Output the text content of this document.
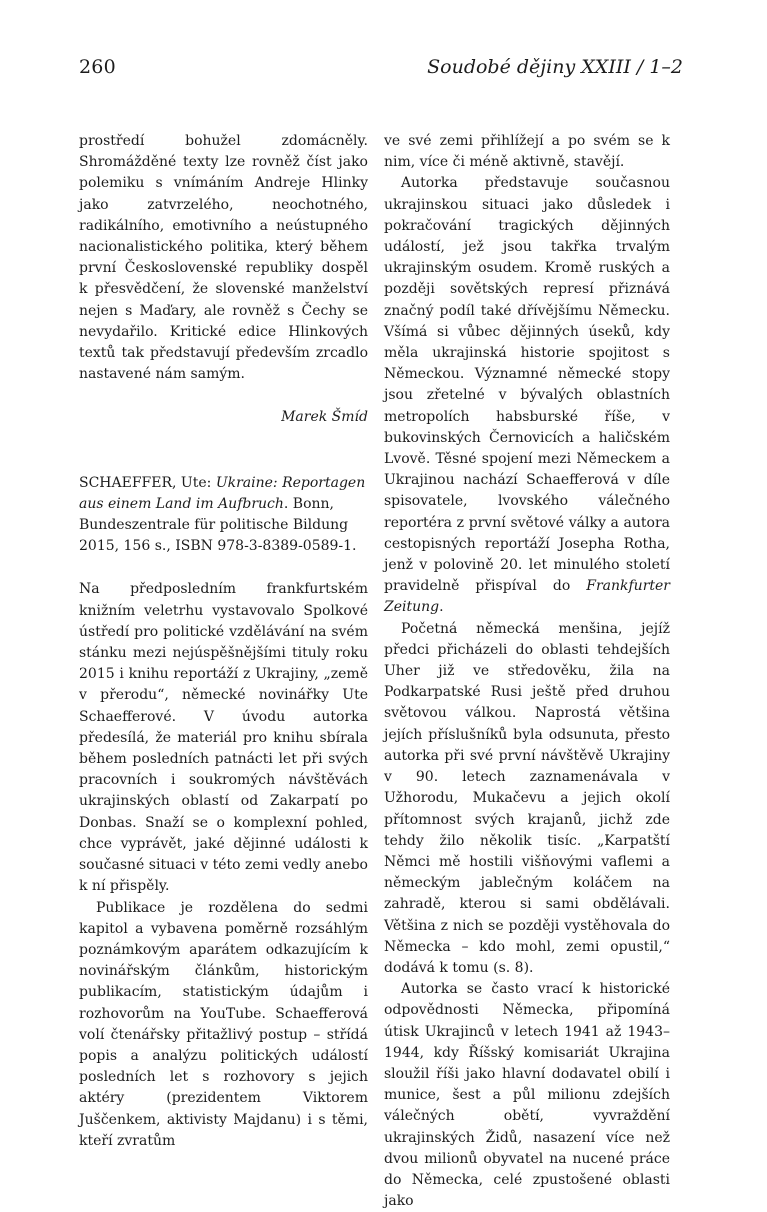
260	Soudobé dějiny XXIII / 1–2

prostředí bohužel zdomácněly. Shromážděné texty lze rovněž číst jako polemiku s vnímáním Andreje Hlinky jako zatvrzelého, neochotného, radikálního, emotivního a neústupného nacionalistického politika, který během první Československé republiky dospěl k přesvědčení, že slovenské manželství nejen s Maďary, ale rovněž s Čechy se nevydařilo. Kritické edice Hlinkových textů tak představují především zrcadlo nastavené nám samým.

Marek Šmíd

SCHAEFFER, Ute: Ukraine: Reportagen aus einem Land im Aufbruch. Bonn, Bundeszentrale für politische Bildung 2015, 156 s., ISBN 978-3-8389-0589-1.

Na předposledním frankfurtském knižním veletrhu vystavovalo Spolkové ústředí pro politické vzdělávání na svém stánku mezi nejúspěšnějšími tituly roku 2015 i knihu reportáží z Ukrajiny, „země v přerodu“, německé novinářky Ute Schaefferové. V úvodu autorka předesílá, že materiál pro knihu sbírala během posledních patnácti let při svých pracovních i soukromých návštěvách ukrajinských oblastí od Zakarpatí po Donbas. Snaží se o komplexní pohled, chce vyprávět, jaké dějinné události k současné situaci v této zemi vedly anebo k ní přispěly.

Publikace je rozdělena do sedmi kapitol a vybavena poměrně rozsáhlým poznámkovým aparátem odkazujícím k novinářským článkům, historickým publikacím, statistickým údajům i rozhovorům na YouTube. Schaefferová volí čtenářsky přitažlivý postup – střídá popis a analýzu politických událostí posledních let s rozhovory s jejich aktéry (prezidentem Viktorem Juščenkem, aktivisty Majdanu) i s těmi, kteří zvratům

ve své zemi přihlížejí a po svém se k nim, více či méně aktivně, stavějí.

Autorka představuje současnou ukrajinskou situaci jako důsledek i pokračování tragických dějinných událostí, jež jsou takřka trvalým ukrajinským osudem. Kromě ruských a později sovětských represí přiznává značný podíl také dřívějšímu Německu. Všímá si vůbec dějinných úseků, kdy měla ukrajinská historie spojitost s Německou. Významné německé stopy jsou zřetelné v bývalých oblastních metropolích habsburské říše, v bukovinských Černovicích a haličském Lvově. Těsné spojení mezi Německem a Ukrajinou nachází Schaefferová v díle spisovatele, lvovského válečného reportéra z první světové války a autora cestopisných reportáží Josepha Rotha, jenž v polovině 20. let minulého století pravidelně přispíval do Frankfurter Zeitung.

Početná německá menšina, jejíž předci přicházeli do oblasti tehdejších Uher již ve středověku, žila na Podkarpatské Rusi ještě před druhou světovou válkou. Naprostá většina jejích příslušníků byla odsunuta, přesto autorka při své první návštěvě Ukrajiny v 90. letech zaznamenávala v Užhorodu, Mukačevu a jejich okolí přítomnost svých krajanů, jichž zde tehdy žilo několik tisíc. „Karpatští Němci mě hostili višňovými vaflemi a německým jablečným koláčem na zahradě, kterou si sami obdělávali. Většina z nich se později vystěhovala do Německa – kdo mohl, zemi opustil,“ dodává k tomu (s. 8).

Autorka se často vrací k historické odpovědnosti Německa, připomíná útisk Ukrajinců v letech 1941 až 1943–1944, kdy Říšský komisariát Ukrajina sloužil říši jako hlavní dodavatel obilí i munice, šest a půl milionu zdejších válečných obětí, vyvraždění ukrajinských Židů, nasazení více než dvou milionů obyvatel na nucené práce do Německa, celé zpustošené oblasti jako
